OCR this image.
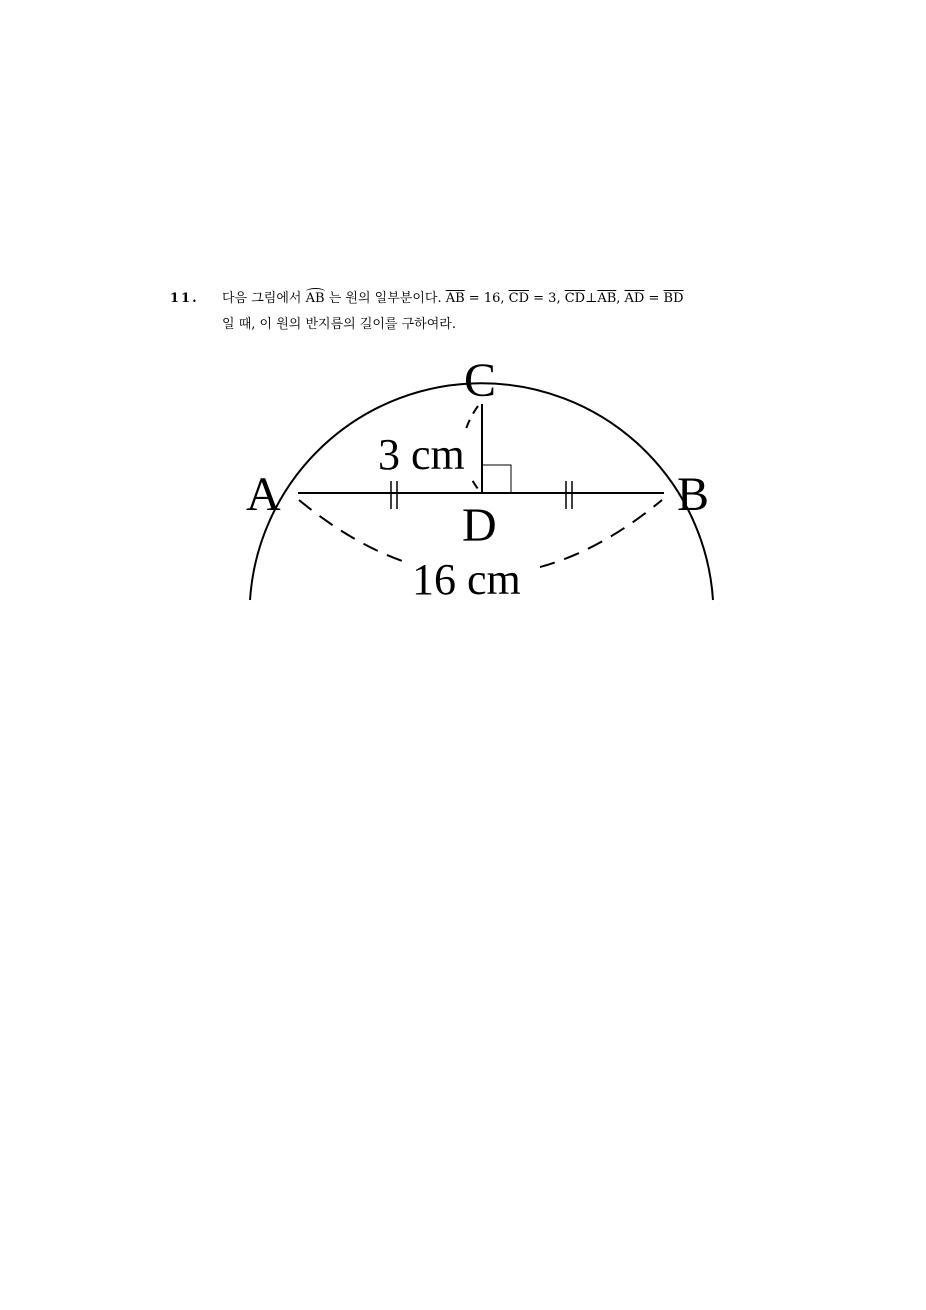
11. 다음 그림에서 AB 는 원의 일부분이다. $\overline{AB} = 16$, $\overline{CD} = 3$, $\overline{CD}\perp\overline{AB}$, $\overline{AD} = \overline{BD}$
일 때, 이 원의 반지름의 길이를 구하여라.
A	B
C
D
3 cm
16 cm
